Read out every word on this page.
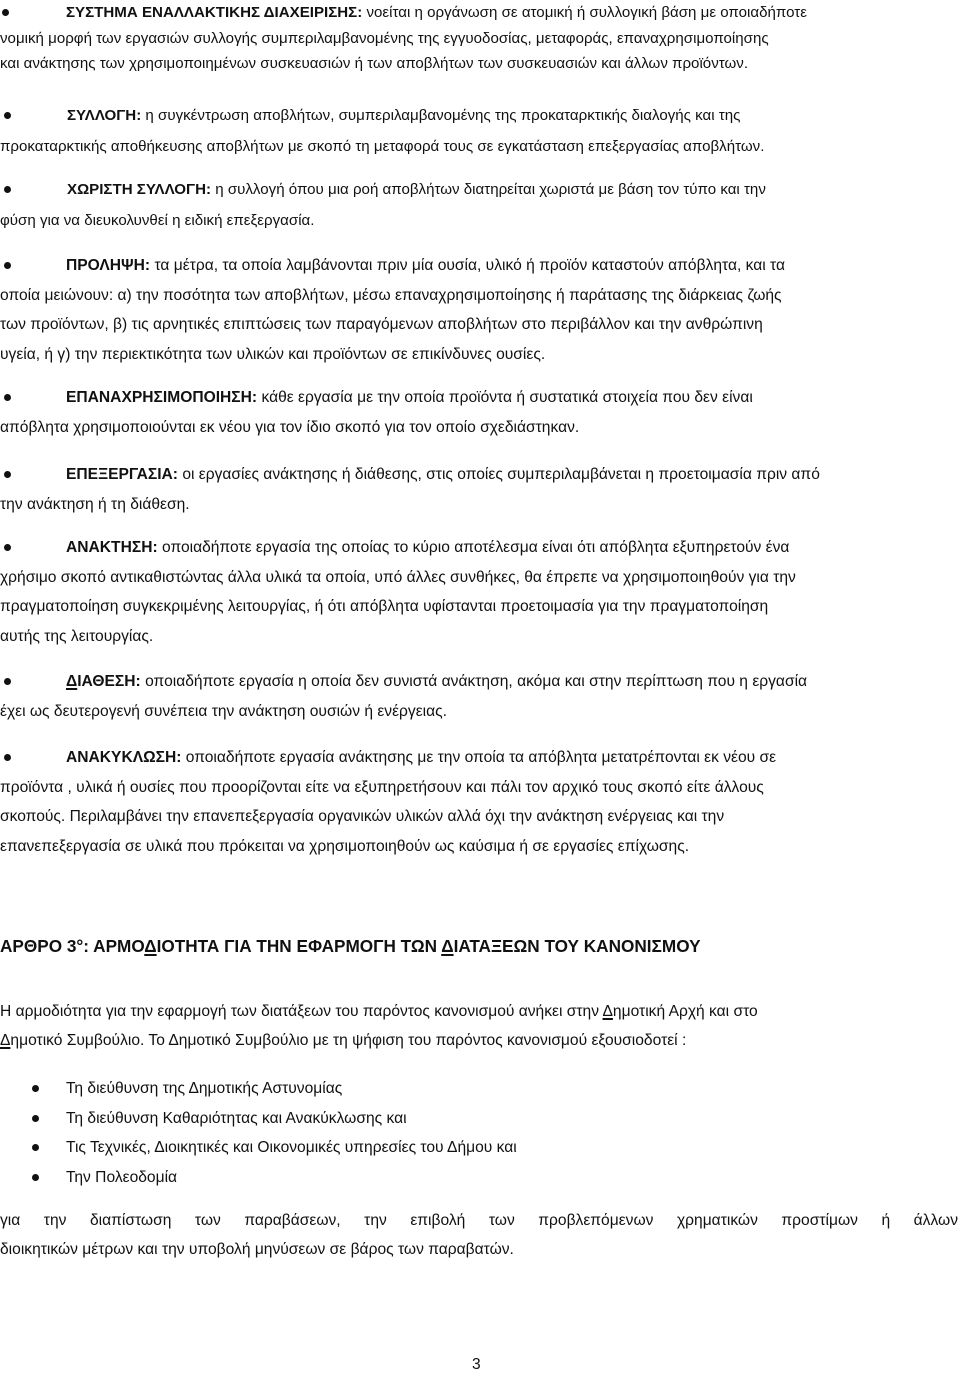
ΣΥΣΤΗΜΑ ΕΝΑΛΛΑΚΤΙΚΗΣ ΔΙΑΧΕΙΡΙΣΗΣ: νοείται η οργάνωση σε ατομική ή συλλογική βάση με οποιαδήποτε
νομική μορφή των εργασιών συλλογής συμπεριλαμβανομένης της εγγυοδοσίας, μεταφοράς, επαναχρησιμοποίησης
και ανάκτησης των χρησιμοποιημένων συσκευασιών ή των αποβλήτων των συσκευασιών και άλλων προϊόντων.
ΣΥΛΛΟΓΗ: η συγκέντρωση αποβλήτων, συμπεριλαμβανομένης της προκαταρκτικής διαλογής και της
προκαταρκτικής αποθήκευσης αποβλήτων με σκοπό τη μεταφορά τους σε εγκατάσταση επεξεργασίας αποβλήτων.
ΧΩΡΙΣΤΗ ΣΥΛΛΟΓΗ: η συλλογή όπου μια ροή αποβλήτων διατηρείται χωριστά με βάση τον τύπο και την
φύση για να διευκολυνθεί η ειδική επεξεργασία.
ΠΡΟΛΗΨΗ: τα μέτρα, τα οποία λαμβάνονται πριν μία ουσία, υλικό ή προϊόν καταστούν απόβλητα, και τα
οποία μειώνουν: α) την ποσότητα των αποβλήτων, μέσω επαναχρησιμοποίησης ή παράτασης της διάρκειας ζωής
των προϊόντων, β) τις αρνητικές επιπτώσεις των παραγόμενων αποβλήτων στο περιβάλλον και την ανθρώπινη
υγεία, ή γ) την περιεκτικότητα των υλικών και προϊόντων σε επικίνδυνες ουσίες.
ΕΠΑΝΑΧΡΗΣΙΜΟΠΟΙΗΣΗ: κάθε εργασία με την οποία προϊόντα ή συστατικά στοιχεία που δεν είναι
απόβλητα χρησιμοποιούνται εκ νέου για τον ίδιο σκοπό για τον οποίο σχεδιάστηκαν.
ΕΠΕΞΕΡΓΑΣΙΑ: οι εργασίες ανάκτησης ή διάθεσης, στις οποίες συμπεριλαμβάνεται η προετοιμασία πριν από
την ανάκτηση ή τη διάθεση.
ΑΝΑΚΤΗΣΗ: οποιαδήποτε εργασία της οποίας το κύριο αποτέλεσμα είναι ότι απόβλητα εξυπηρετούν ένα
χρήσιμο σκοπό αντικαθιστώντας άλλα υλικά τα οποία, υπό άλλες συνθήκες, θα έπρεπε να χρησιμοποιηθούν για την
πραγματοποίηση συγκεκριμένης λειτουργίας, ή ότι απόβλητα υφίστανται προετοιμασία για την πραγματοποίηση
αυτής της λειτουργίας.
ΔΙΑΘΕΣΗ: οποιαδήποτε εργασία η οποία δεν συνιστά ανάκτηση, ακόμα και στην περίπτωση που η εργασία
έχει ως δευτερογενή συνέπεια την ανάκτηση ουσιών ή ενέργειας.
ΑΝΑΚΥΚΛΩΣΗ: οποιαδήποτε εργασία ανάκτησης με την οποία τα απόβλητα μετατρέπονται εκ νέου σε
προϊόντα , υλικά ή ουσίες που προορίζονται είτε να εξυπηρετήσουν και πάλι τον αρχικό τους σκοπό είτε άλλους
σκοπούς. Περιλαμβάνει την επανεπεξεργασία οργανικών υλικών αλλά όχι την ανάκτηση ενέργειας και την
επανεπεξεργασία σε υλικά που πρόκειται να χρησιμοποιηθούν ως καύσιμα ή σε εργασίες επίχωσης.
ΑΡΘΡΟ 3°: ΑΡΜΟΔΙΟΤΗΤΑ ΓΙΑ ΤΗΝ ΕΦΑΡΜΟΓΗ ΤΩΝ ΔΙΑΤΑΞΕΩΝ ΤΟΥ ΚΑΝΟΝΙΣΜΟΥ
Η αρμοδιότητα για την εφαρμογή των διατάξεων του παρόντος κανονισμού ανήκει στην Δημοτική Αρχή και στο
Δημοτικό Συμβούλιο. Το Δημοτικό Συμβούλιο με τη ψήφιση του παρόντος κανονισμού εξουσιοδοτεί :
Τη διεύθυνση της Δημοτικής Αστυνομίας
Τη διεύθυνση Καθαριότητας και Ανακύκλωσης και
Τις Τεχνικές, Διοικητικές και Οικονομικές υπηρεσίες του Δήμου και
Την Πολεοδομία
για την διαπίστωση των παραβάσεων, την επιβολή των προβλεπόμενων χρηματικών προστίμων ή άλλων
διοικητικών μέτρων και την υποβολή μηνύσεων σε βάρος των παραβατών.
3
